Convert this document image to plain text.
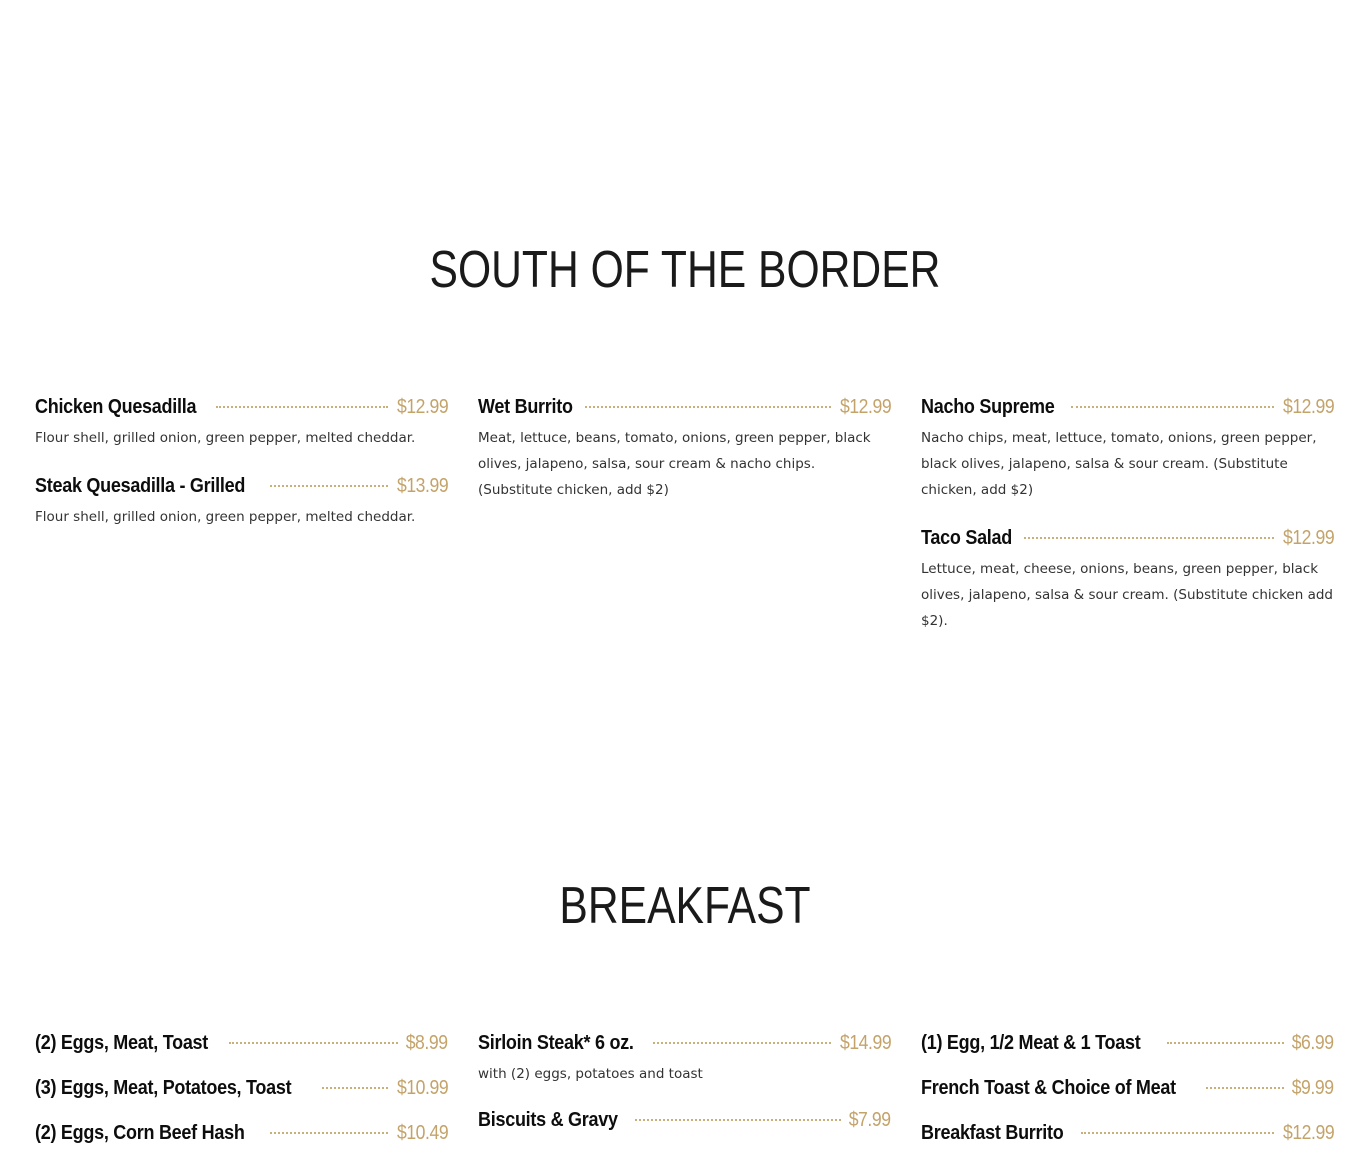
SOUTH OF THE BORDER
Chicken Quesadilla	$12.99
Flour shell, grilled onion, green pepper, melted cheddar.
Steak Quesadilla - Grilled	$13.99
Flour shell, grilled onion, green pepper, melted cheddar.
Wet Burrito	$12.99
Meat, lettuce, beans, tomato, onions, green pepper, black olives, jalapeno, salsa, sour cream & nacho chips. (Substitute chicken, add $2)
Nacho Supreme	$12.99
Nacho chips, meat, lettuce, tomato, onions, green pepper, black olives, jalapeno, salsa & sour cream. (Substitute chicken, add $2)
Taco Salad	$12.99
Lettuce, meat, cheese, onions, beans, green pepper, black olives, jalapeno, salsa & sour cream. (Substitute chicken add $2).
BREAKFAST
(2) Eggs, Meat, Toast	$8.99
(3) Eggs, Meat, Potatoes, Toast	$10.99
(2) Eggs, Corn Beef Hash	$10.49
Sirloin Steak* 6 oz.	$14.99
with (2) eggs, potatoes and toast
Biscuits & Gravy	$7.99
(1) Egg, 1/2 Meat & 1 Toast	$6.99
French Toast & Choice of Meat	$9.99
Breakfast Burrito	$12.99
